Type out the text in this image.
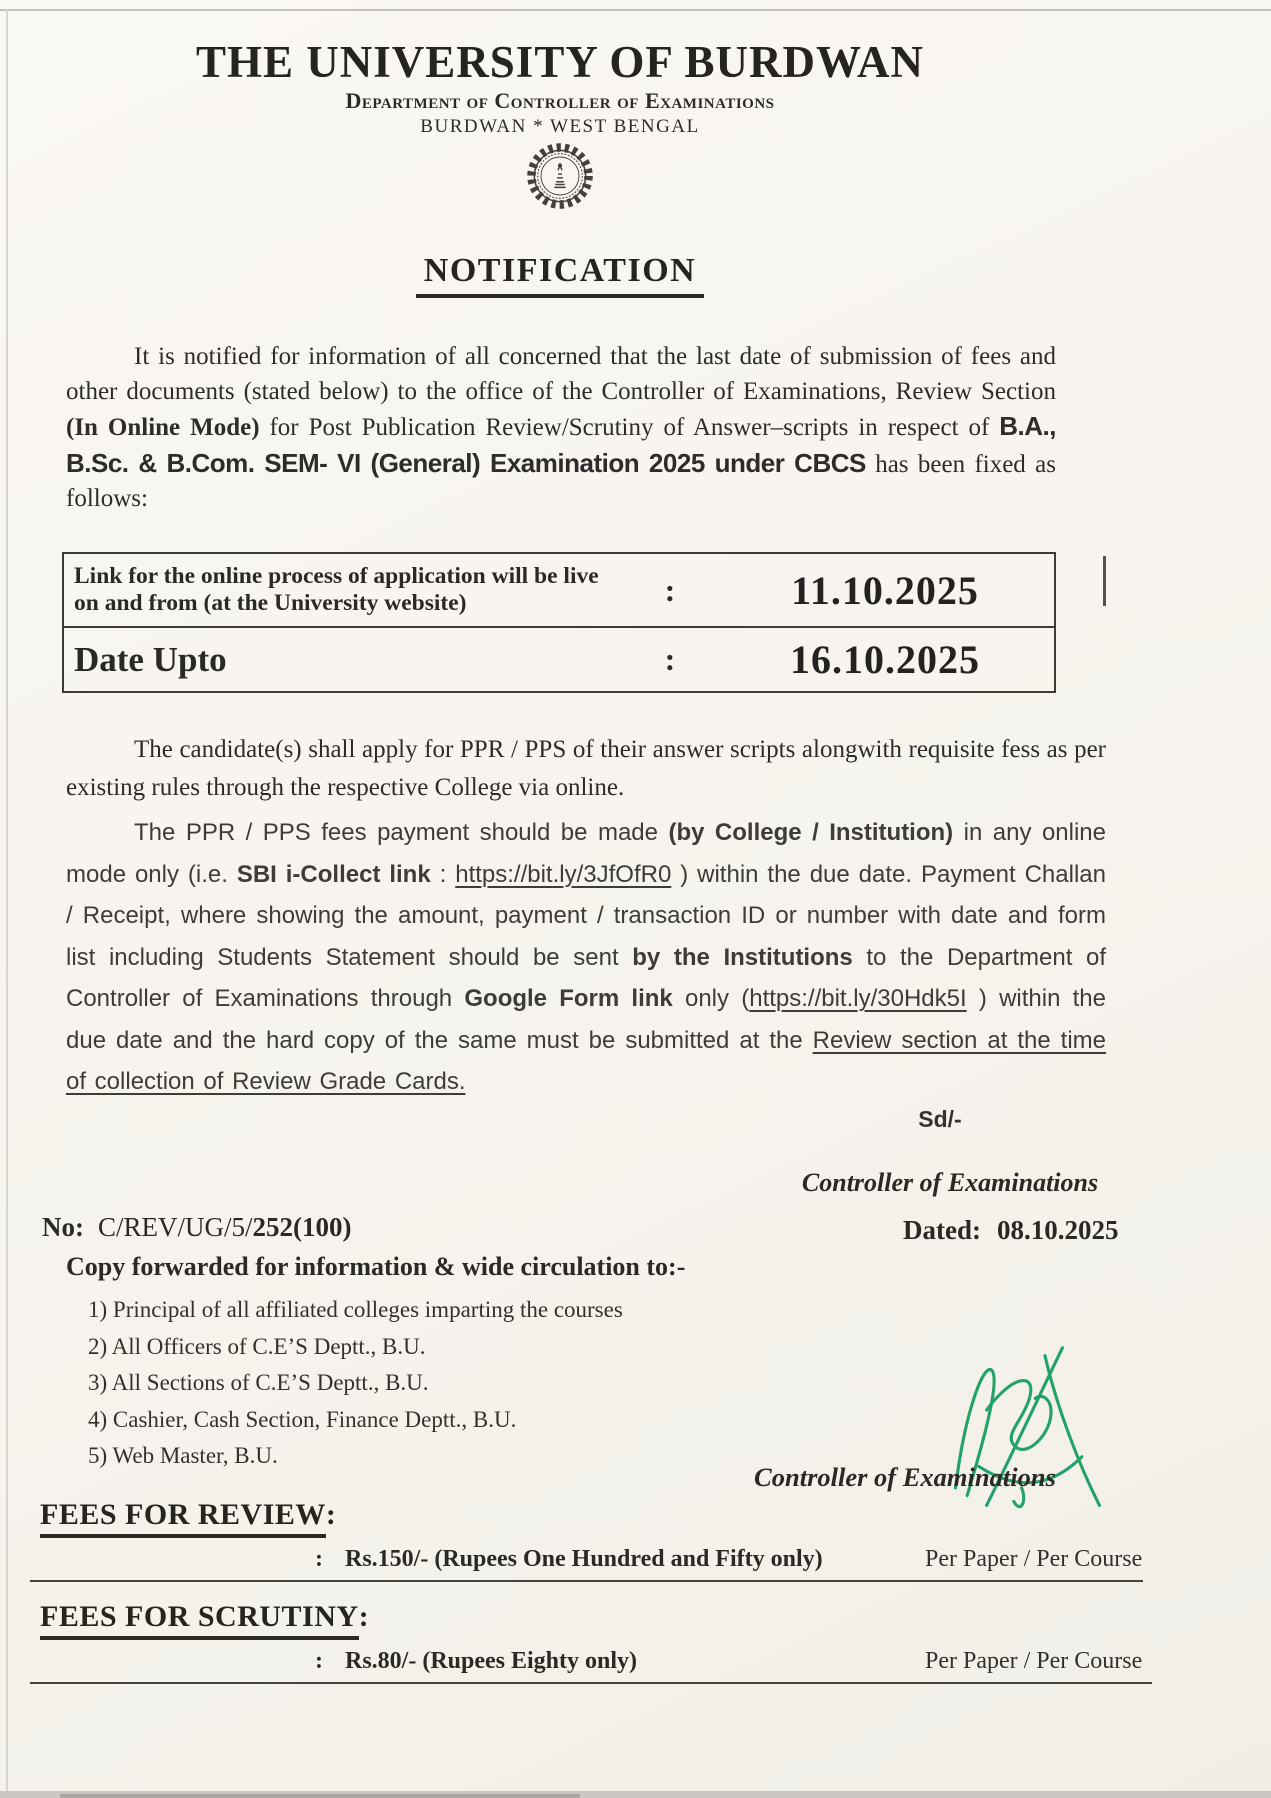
THE UNIVERSITY OF BURDWAN
Department of Controller of Examinations
BURDWAN * WEST BENGAL
NOTIFICATION
It is notified for information of all concerned that the last date of submission of fees and other documents (stated below) to the office of the Controller of Examinations, Review Section (In Online Mode) for Post Publication Review/Scrutiny of Answer–scripts in respect of B.A., B.Sc. & B.Com. SEM- VI (General) Examination 2025 under CBCS has been fixed as follows:
Link for the online process of application will be live on and from (at the University website)	:	11.10.2025
Date Upto	:	16.10.2025
The candidate(s) shall apply for PPR / PPS of their answer scripts alongwith requisite fess as per existing rules through the respective College via online.
The PPR / PPS fees payment should be made (by College / Institution) in any online mode only (i.e. SBI i-Collect link : https://bit.ly/3JfOfR0 ) within the due date. Payment Challan / Receipt, where showing the amount, payment / transaction ID or number with date and form list including Students Statement should be sent by the Institutions to the Department of Controller of Examinations through Google Form link only (https://bit.ly/30Hdk5I ) within the due date and the hard copy of the same must be submitted at the Review section at the time of collection of Review Grade Cards.
Sd/-
Controller of Examinations
No: C/REV/UG/5/252(100)	Dated: 08.10.2025
Copy forwarded for information & wide circulation to:-
1) Principal of all affiliated colleges imparting the courses
2) All Officers of C.E’S Deptt., B.U.
3) All Sections of C.E’S Deptt., B.U.
4) Cashier, Cash Section, Finance Deptt., B.U.
5) Web Master, B.U.
Controller of Examinations
FEES FOR REVIEW:
: Rs.150/- (Rupees One Hundred and Fifty only)	Per Paper / Per Course
FEES FOR SCRUTINY:
: Rs.80/- (Rupees Eighty only)	Per Paper / Per Course
